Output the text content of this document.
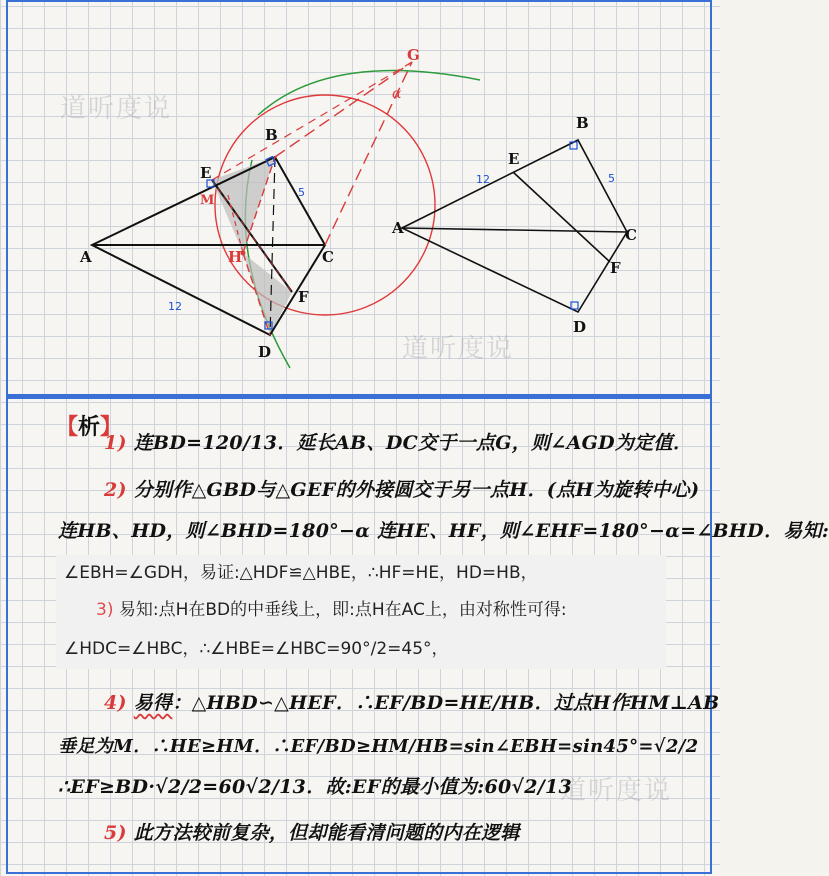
A
B
C
D
E
F
G
H
M
12
5
α
A
B
C
D
E
F
12	5
道听度说
道听度说
道听度说
【析】
1) 连BD=120/13．延长AB、DC交于一点G，则∠AGD为定值．
2) 分别作△GBD与△GEF的外接圆交于另一点H．(点H为旋转中心)
连HB、HD，则∠BHD=180°−α 连HE、HF，则∠EHF=180°−α=∠BHD．易知:
∠EBH=∠GDH，易证:△HDF≌△HBE，∴HF=HE，HD=HB，
3) 易知:点H在BD的中垂线上，即:点H在AC上，由对称性可得:
∠HDC=∠HBC，∴∠HBE=∠HBC=90°/2=45°，
4) 易得：△HBD∽△HEF．∴EF/BD=HE/HB．过点H作HM⊥AB
垂足为M．∴HE≥HM．∴EF/BD≥HM/HB=sin∠EBH=sin45°=√2/2
∴EF≥BD·√2/2=60√2/13．故:EF的最小值为:60√2/13
5) 此方法较前复杂，但却能看清问题的内在逻辑
